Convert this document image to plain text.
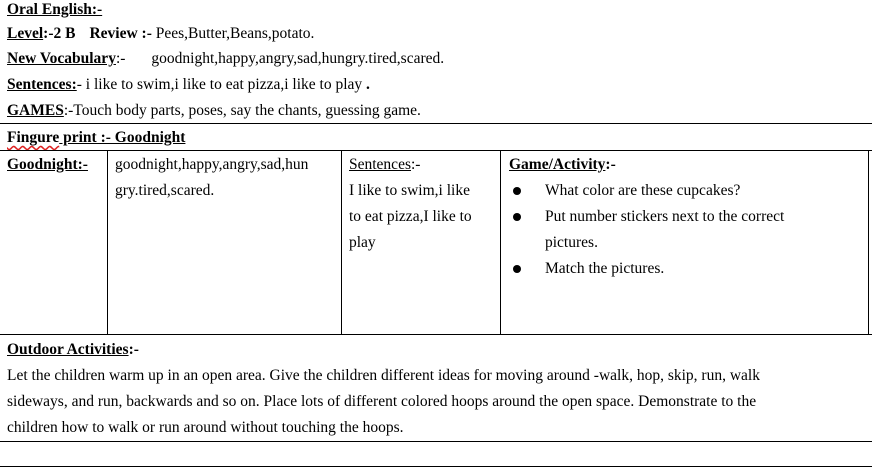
Oral English:-
Level:-2 B Review :- Pees,Butter,Beans,potato.
New Vocabulary:- goodnight,happy,angry,sad,hungry.tired,scared.
Sentences:- i like to swim,i like to eat pizza,i like to play .
GAMES:-Touch body parts, poses, say the chants, guessing game.
Fingure print :- Goodnight

Goodnight:- goodnight,happy,angry,sad,hun

gry.tired,scared.

Sentences:-

I like to swim,i like

to eat pizza,I like to

play

Game/Activity:-

What color are these cupcakes?
Put number stickers next to the correct
pictures.
Match the pictures.
Outdoor Activities:-
Let the children warm up in an open area. Give the children different ideas for moving around -walk, hop, skip, run, walk
sideways, and run, backwards and so on. Place lots of different colored hoops around the open space. Demonstrate to the
children how to walk or run around without touching the hoops.
